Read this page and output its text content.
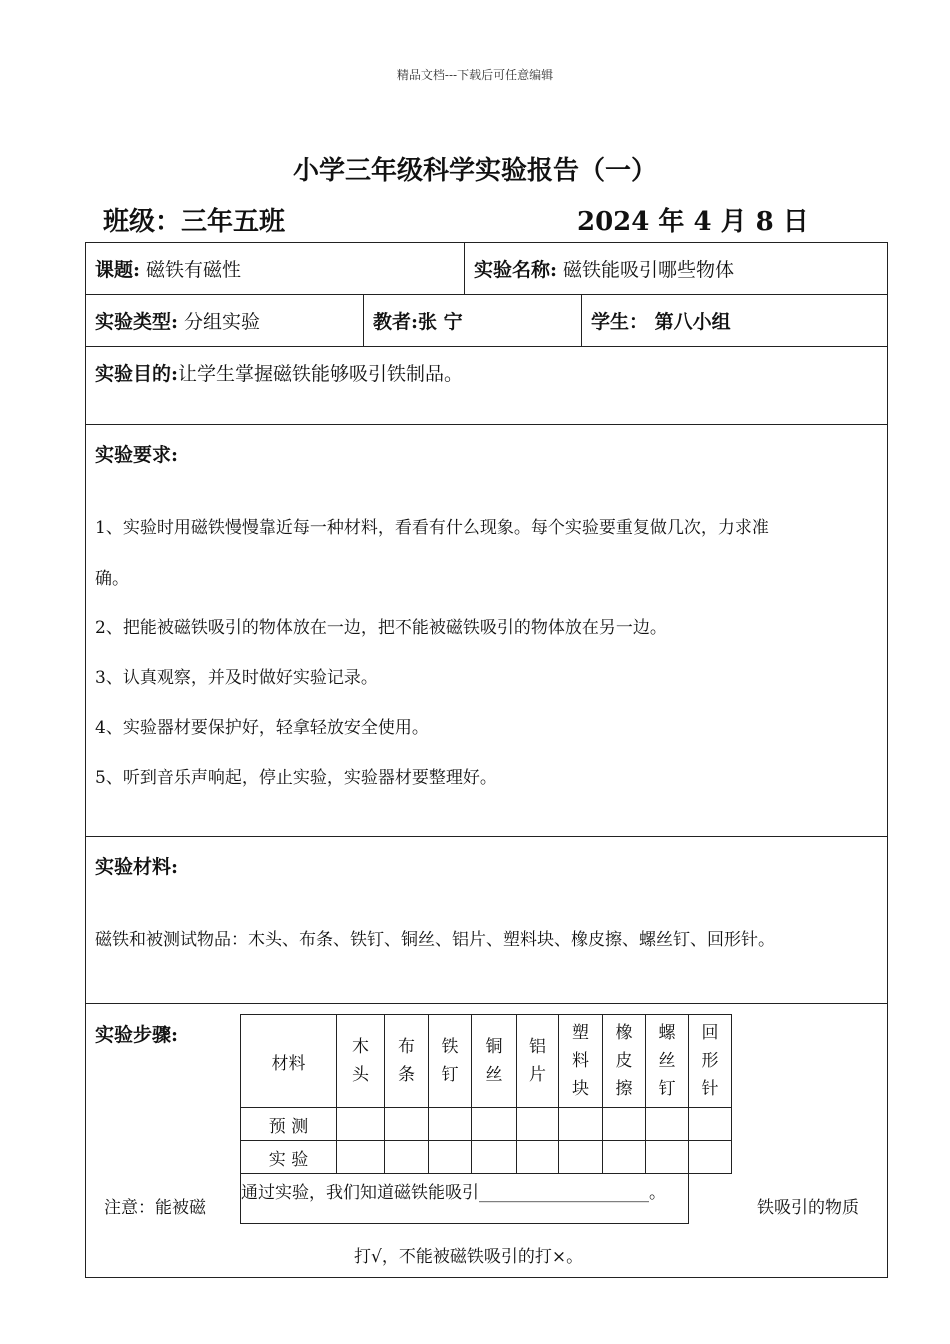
精品文档---下载后可任意编辑
小学三年级科学实验报告（一）
班级：三年五班	2024 年 4 月 8 日
课题: 磁铁有磁性	实验名称: 磁铁能吸引哪些物体
实验类型: 分组实验	教者:张 宁	学生： 第八小组
实验目的:让学生掌握磁铁能够吸引铁制品。
实验要求:
1、实验时用磁铁慢慢靠近每一种材料，看看有什么现象。每个实验要重复做几次，力求准
确。
2、把能被磁铁吸引的物体放在一边，把不能被磁铁吸引的物体放在另一边。
3、认真观察，并及时做好实验记录。
4、实验器材要保护好，轻拿轻放安全使用。
5、听到音乐声响起，停止实验，实验器材要整理好。
实验材料:
磁铁和被测试物品：木头、布条、铁钉、铜丝、铝片、塑料块、橡皮擦、螺丝钉、回形针。
实验步骤:
材料	木头	布条	铁钉	铜丝	铝片	塑料块	橡皮擦	螺丝钉	回形针
预 测									
实 验									
通过实验，我们知道磁铁能吸引____________________。									
注意：能被磁	铁吸引的物质
打√，不能被磁铁吸引的打×。
